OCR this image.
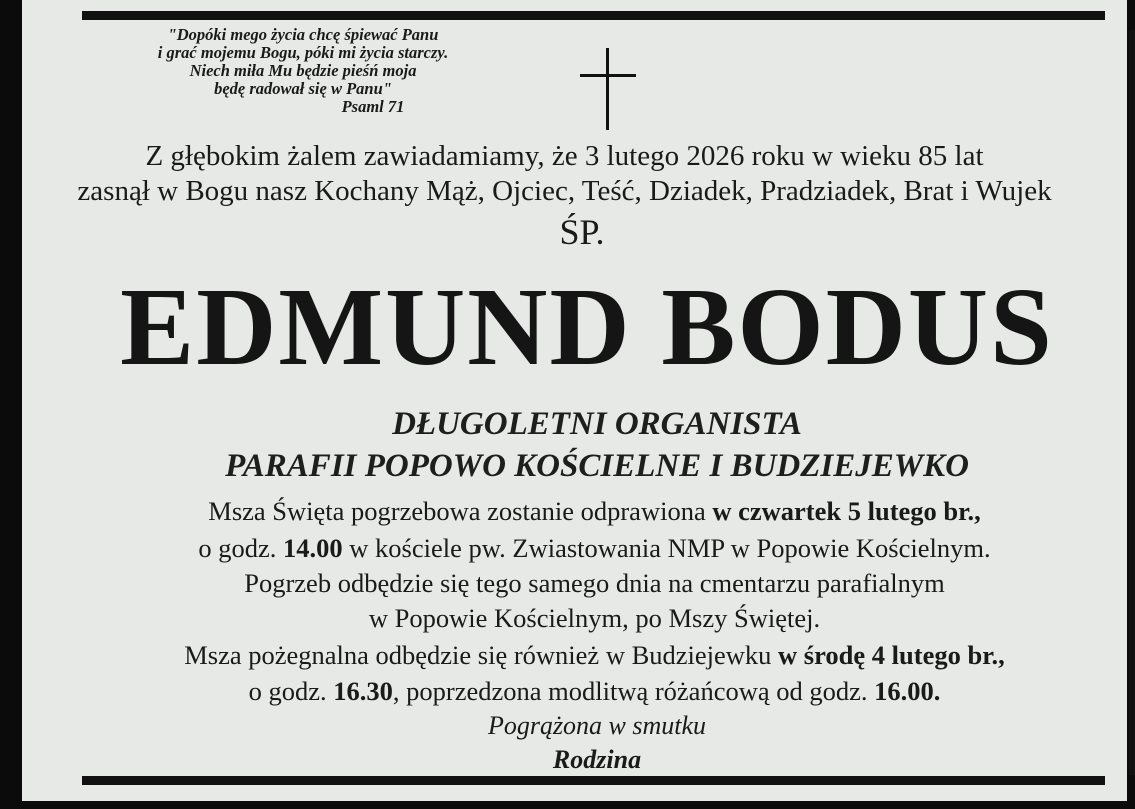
"Dopóki mego życia chcę śpiewać Panu
i grać mojemu Bogu, póki mi życia starczy.
Niech miła Mu będzie pieśń moja
będę radował się w Panu"
Psaml 71
Z głębokim żalem zawiadamiamy, że 3 lutego 2026 roku w wieku 85 lat
zasnął w Bogu nasz Kochany Mąż, Ojciec, Teść, Dziadek, Pradziadek, Brat i Wujek
ŚP.
EDMUND BODUS
DŁUGOLETNI ORGANISTA
PARAFII POPOWO KOŚCIELNE I BUDZIEJEWKO
Msza Święta pogrzebowa zostanie odprawiona w czwartek 5 lutego br.,
o godz. 14.00 w kościele pw. Zwiastowania NMP w Popowie Kościelnym.
Pogrzeb odbędzie się tego samego dnia na cmentarzu parafialnym
w Popowie Kościelnym, po Mszy Świętej.
Msza pożegnalna odbędzie się również w Budziejewku w środę 4 lutego br.,
o godz. 16.30, poprzedzona modlitwą różańcową od godz. 16.00.
Pogrążona w smutku
Rodzina
